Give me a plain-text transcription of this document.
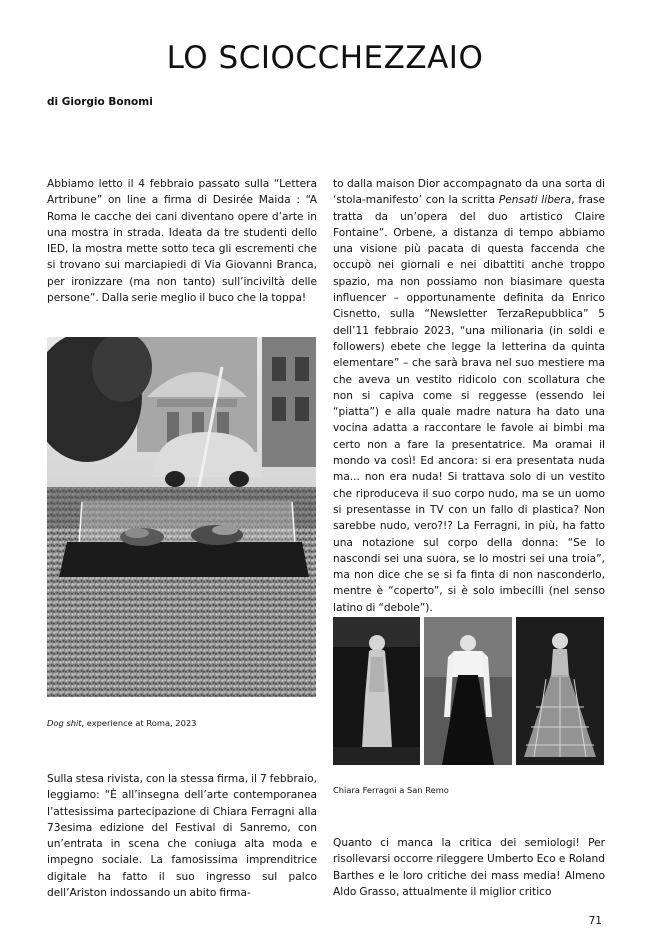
LO SCIOCCHEZZAIO
di Giorgio Bonomi

Abbiamo letto il 4 febbraio passato sulla “Lettera Artribune” on line a firma di Desirée Maida : “A Roma le cacche dei cani diventano opere d’arte in una mostra in strada. Ideata da tre studenti dello IED, la mostra mette sotto teca gli escrementi che si trovano sui marciapiedi di Via Giovanni Branca, per ironizzare (ma non tanto) sull’inciviltà delle persone”. Dalla serie meglio il buco che la toppa!

Dog shit, experience at Roma, 2023

Sulla stesa rivista, con la stessa firma, il 7 febbraio, leggiamo: “È all’insegna dell’arte contemporanea l’attesissima partecipazione di Chiara Ferragni alla 73esima edizione del Festival di Sanremo, con un’entrata in scena che coniuga alta moda e impegno sociale. La famosissima imprenditrice digitale ha fatto il suo ingresso sul palco dell’Ariston indossando un abito firma-

to dalla maison Dior accompagnato da una sorta di ‘stola-manifesto’ con la scritta Pensati libera, frase tratta da un’opera del duo artistico Claire Fontaine”. Orbene, a distanza di tempo abbiamo una visione più pacata di questa faccenda che occupò nei giornali e nei dibattiti anche troppo spazio, ma non possiamo non biasimare questa influencer – opportunamente definita da Enrico Cisnetto, sulla “Newsletter TerzaRepubblica” 5 dell’11 febbraio 2023, “una milionaria (in soldi e followers) ebete che legge la letterina da quinta elementare” – che sarà brava nel suo mestiere ma che aveva un vestito ridicolo con scollatura che non si capiva come si reggesse (essendo lei “piatta”) e alla quale madre natura ha dato una vocina adatta a raccontare le favole ai bimbi ma certo non a fare la presentatrice. Ma oramai il mondo va così! Ed ancora: si era presentata nuda ma... non era nuda! Si trattava solo di un vestito che riproduceva il suo corpo nudo, ma se un uomo si presentasse in TV con un fallo di plastica? Non sarebbe nudo, vero?!? La Ferragni, in più, ha fatto una notazione sul corpo della donna: “Se lo nascondi sei una suora, se lo mostri sei una troia”, ma non dice che se si fa finta di non nasconderlo, mentre è “coperto”, si è solo imbecilli (nel senso latino di “debole”).

Chiara Ferragni a San Remo

Quanto ci manca la critica dei semiologi! Per risollevarsi occorre rileggere Umberto Eco e Roland Barthes e le loro critiche dei mass media! Almeno Aldo Grasso, attualmente il miglior critico

71
